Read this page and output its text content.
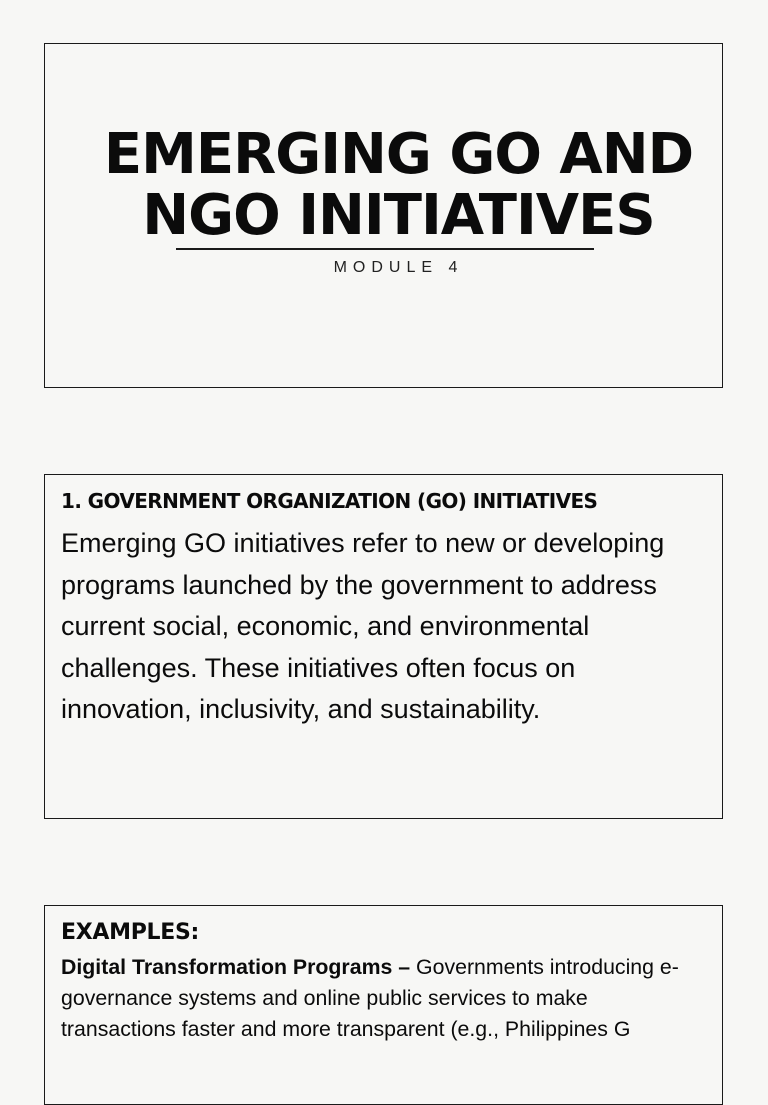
EMERGING GO AND
NGO INITIATIVES
MODULE 4
1. GOVERNMENT ORGANIZATION (GO) INITIATIVES

Emerging GO initiatives refer to new or developing programs launched by the government to address current social, economic, and environmental challenges. These initiatives often focus on innovation, inclusivity, and sustainability.

EXAMPLES:

Digital Transformation Programs – Governments introducing e-governance systems and online public services to make transactions faster and more transparent (e.g., Philippines G
